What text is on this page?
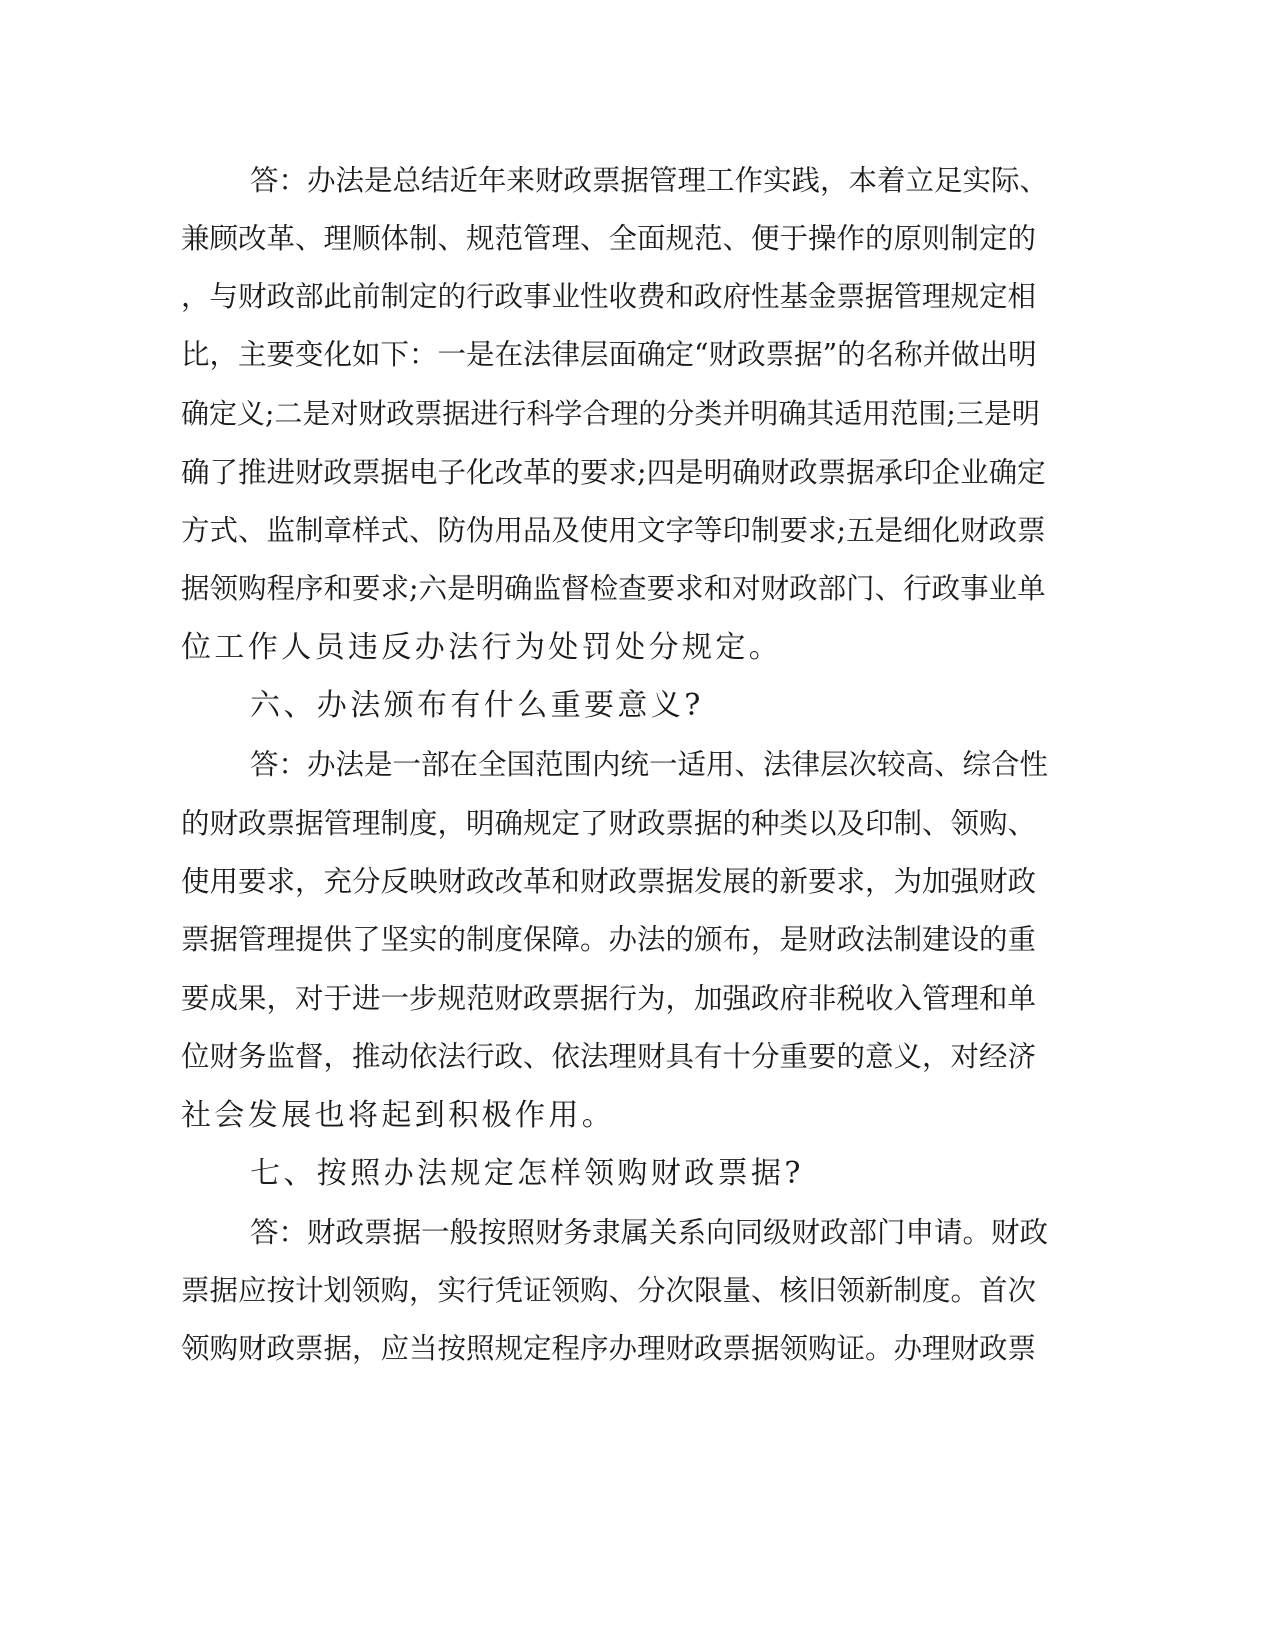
答：办法是总结近年来财政票据管理工作实践，本着立足实际、
兼顾改革、理顺体制、规范管理、全面规范、便于操作的原则制定的
，与财政部此前制定的行政事业性收费和政府性基金票据管理规定相
比，主要变化如下：一是在法律层面确定“财政票据”的名称并做出明
确定义;二是对财政票据进行科学合理的分类并明确其适用范围;三是明
确了推进财政票据电子化改革的要求;四是明确财政票据承印企业确定
方式、监制章样式、防伪用品及使用文字等印制要求;五是细化财政票
据领购程序和要求;六是明确监督检查要求和对财政部门、行政事业单
位工作人员违反办法行为处罚处分规定。
六、办法颁布有什么重要意义?
答：办法是一部在全国范围内统一适用、法律层次较高、综合性
的财政票据管理制度，明确规定了财政票据的种类以及印制、领购、
使用要求，充分反映财政改革和财政票据发展的新要求，为加强财政
票据管理提供了坚实的制度保障。办法的颁布，是财政法制建设的重
要成果，对于进一步规范财政票据行为，加强政府非税收入管理和单
位财务监督，推动依法行政、依法理财具有十分重要的意义，对经济
社会发展也将起到积极作用。
七、按照办法规定怎样领购财政票据?
答：财政票据一般按照财务隶属关系向同级财政部门申请。财政
票据应按计划领购，实行凭证领购、分次限量、核旧领新制度。首次
领购财政票据，应当按照规定程序办理财政票据领购证。办理财政票
